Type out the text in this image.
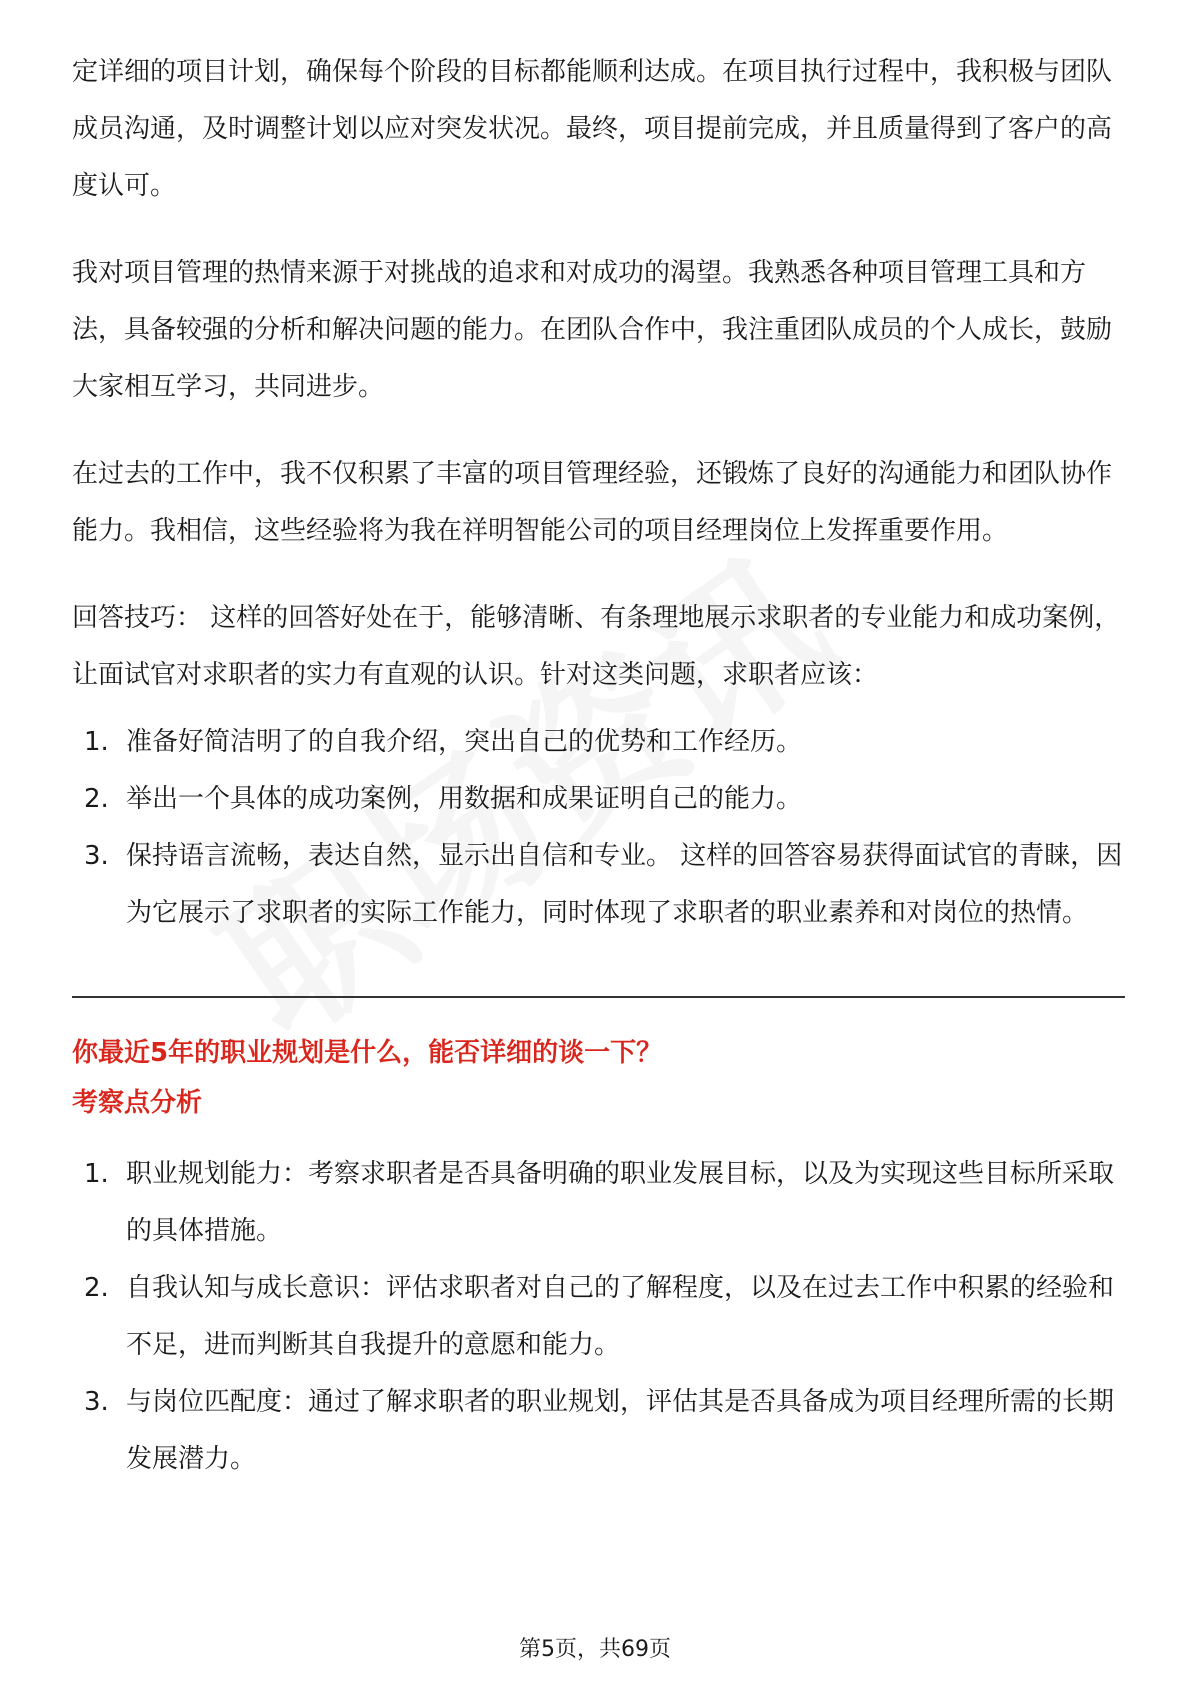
定详细的项目计划，确保每个阶段的目标都能顺利达成。在项目执行过程中，我积极与团队成员沟通，及时调整计划以应对突发状况。最终，项目提前完成，并且质量得到了客户的高度认可。

我对项目管理的热情来源于对挑战的追求和对成功的渴望。我熟悉各种项目管理工具和方法，具备较强的分析和解决问题的能力。在团队合作中，我注重团队成员的个人成长，鼓励大家相互学习，共同进步。

在过去的工作中，我不仅积累了丰富的项目管理经验，还锻炼了良好的沟通能力和团队协作能力。我相信，这些经验将为我在祥明智能公司的项目经理岗位上发挥重要作用。

回答技巧： 这样的回答好处在于，能够清晰、有条理地展示求职者的专业能力和成功案例，让面试官对求职者的实力有直观的认识。针对这类问题，求职者应该：

1. 准备好简洁明了的自我介绍，突出自己的优势和工作经历。
2. 举出一个具体的成功案例，用数据和成果证明自己的能力。
3. 保持语言流畅，表达自然，显示出自信和专业。 这样的回答容易获得面试官的青睐，因为它展示了求职者的实际工作能力，同时体现了求职者的职业素养和对岗位的热情。

你最近5年的职业规划是什么，能否详细的谈一下？

考察点分析

1. 职业规划能力：考察求职者是否具备明确的职业发展目标，以及为实现这些目标所采取的具体措施。
2. 自我认知与成长意识：评估求职者对自己的了解程度，以及在过去工作中积累的经验和不足，进而判断其自我提升的意愿和能力。
3. 与岗位匹配度：通过了解求职者的职业规划，评估其是否具备成为项目经理所需的长期发展潜力。
第5页，共69页
